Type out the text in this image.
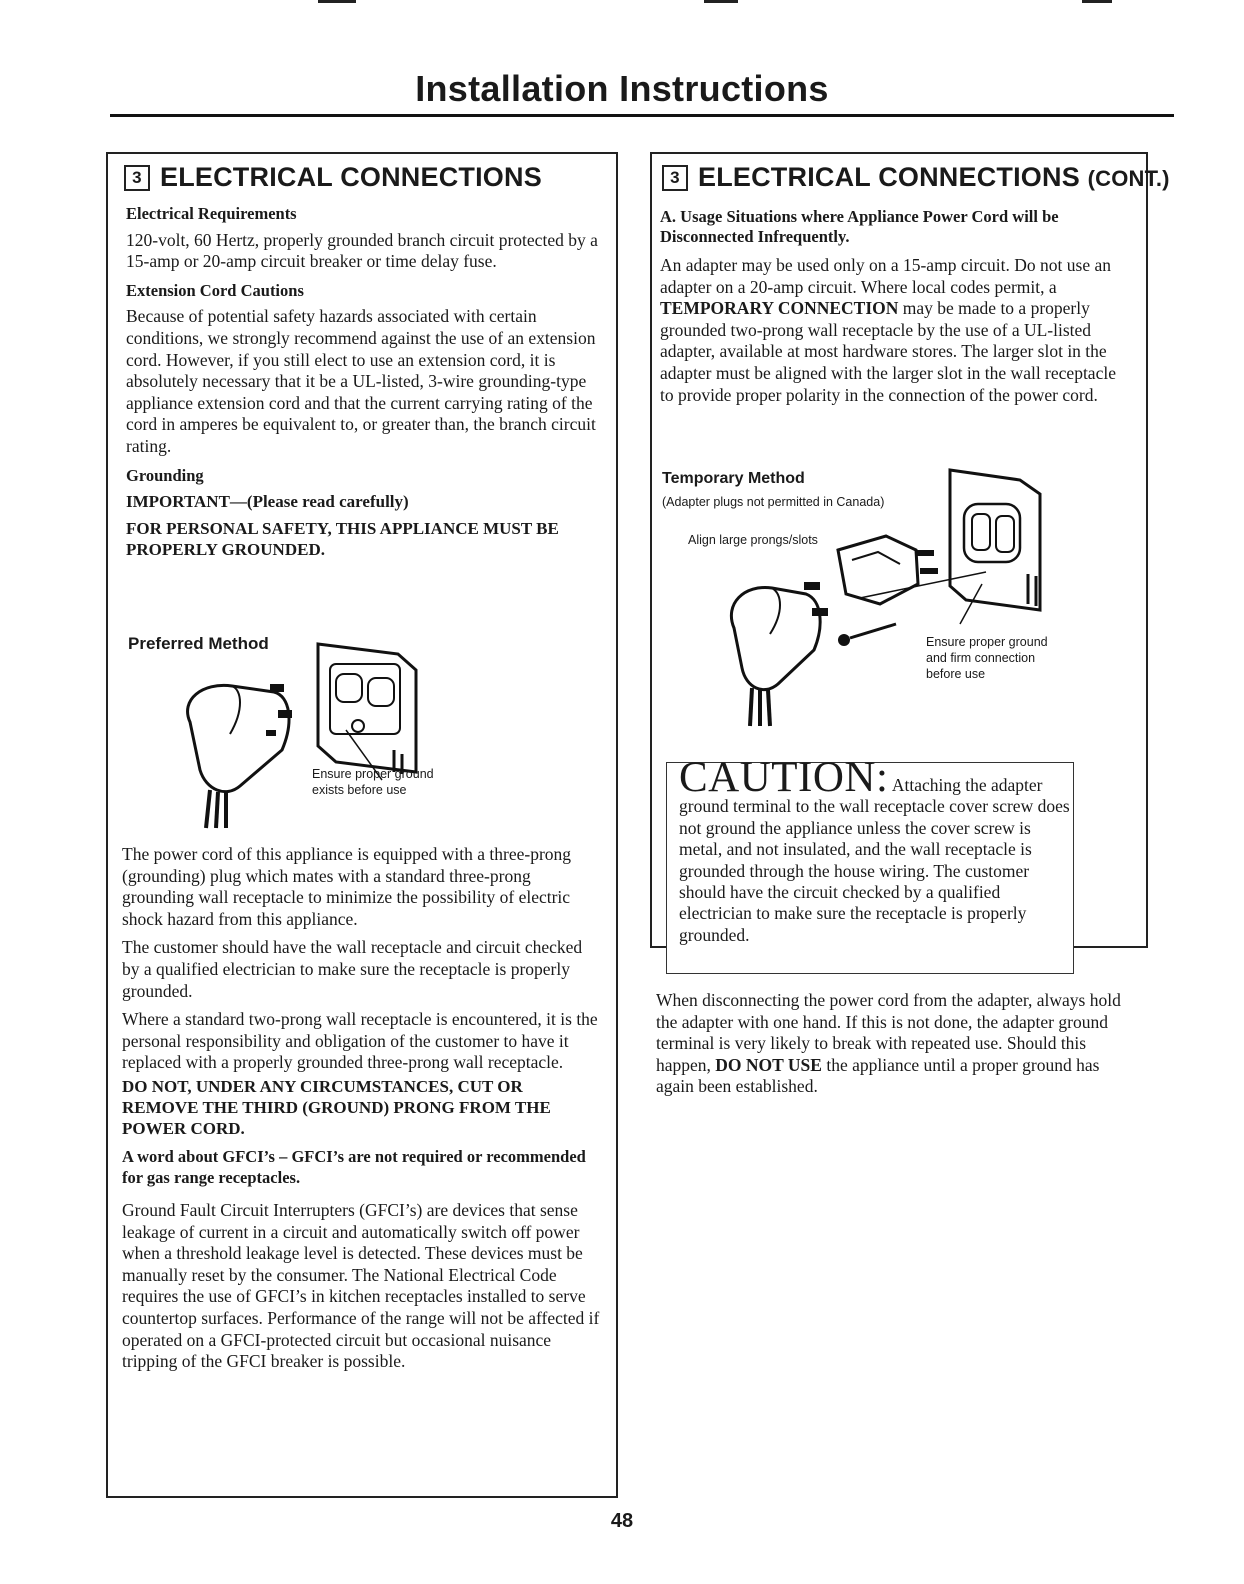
Installation Instructions
3 ELECTRICAL CONNECTIONS

Electrical Requirements

120-volt, 60 Hertz, properly grounded branch circuit protected by a 15-amp or 20-amp circuit breaker or time delay fuse.

Extension Cord Cautions

Because of potential safety hazards associated with certain conditions, we strongly recommend against the use of an extension cord. However, if you still elect to use an extension cord, it is absolutely necessary that it be a UL-listed, 3-wire grounding-type appliance extension cord and that the current carrying rating of the cord in amperes be equivalent to, or greater than, the branch circuit rating.

Grounding

IMPORTANT—(Please read carefully)

FOR PERSONAL SAFETY, THIS APPLIANCE MUST BE PROPERLY GROUNDED.

Preferred Method
Ensure proper ground exists before use

The power cord of this appliance is equipped with a three-prong (grounding) plug which mates with a standard three-prong grounding wall receptacle to minimize the possibility of electric shock hazard from this appliance.

The customer should have the wall receptacle and circuit checked by a qualified electrician to make sure the receptacle is properly grounded.

Where a standard two-prong wall receptacle is encountered, it is the personal responsibility and obligation of the customer to have it replaced with a properly grounded three-prong wall receptacle.

DO NOT, UNDER ANY CIRCUMSTANCES, CUT OR REMOVE THE THIRD (GROUND) PRONG FROM THE POWER CORD.

A word about GFCI’s – GFCI’s are not required or recommended for gas range receptacles.

Ground Fault Circuit Interrupters (GFCI’s) are devices that sense leakage of current in a circuit and automatically switch off power when a threshold leakage level is detected. These devices must be manually reset by the consumer. The National Electrical Code requires the use of GFCI’s in kitchen receptacles installed to serve countertop surfaces. Performance of the range will not be affected if operated on a GFCI-protected circuit but occasional nuisance tripping of the GFCI breaker is possible.

3 ELECTRICAL CONNECTIONS (CONT.)

A. Usage Situations where Appliance Power Cord will be Disconnected Infrequently.

An adapter may be used only on a 15-amp circuit. Do not use an adapter on a 20-amp circuit. Where local codes permit, a TEMPORARY CONNECTION may be made to a properly grounded two-prong wall receptacle by the use of a UL-listed adapter, available at most hardware stores. The larger slot in the adapter must be aligned with the larger slot in the wall receptacle to provide proper polarity in the connection of the power cord.

Temporary Method
(Adapter plugs not permitted in Canada)
Align large prongs/slots
Ensure proper ground and firm connection before use
CAUTION: Attaching the adapter ground terminal to the wall receptacle cover screw does not ground the appliance unless the cover screw is metal, and not insulated, and the wall receptacle is grounded through the house wiring. The customer should have the circuit checked by a qualified electrician to make sure the receptacle is properly grounded.

When disconnecting the power cord from the adapter, always hold the adapter with one hand. If this is not done, the adapter ground terminal is very likely to break with repeated use. Should this happen, DO NOT USE the appliance until a proper ground has again been established.

48
